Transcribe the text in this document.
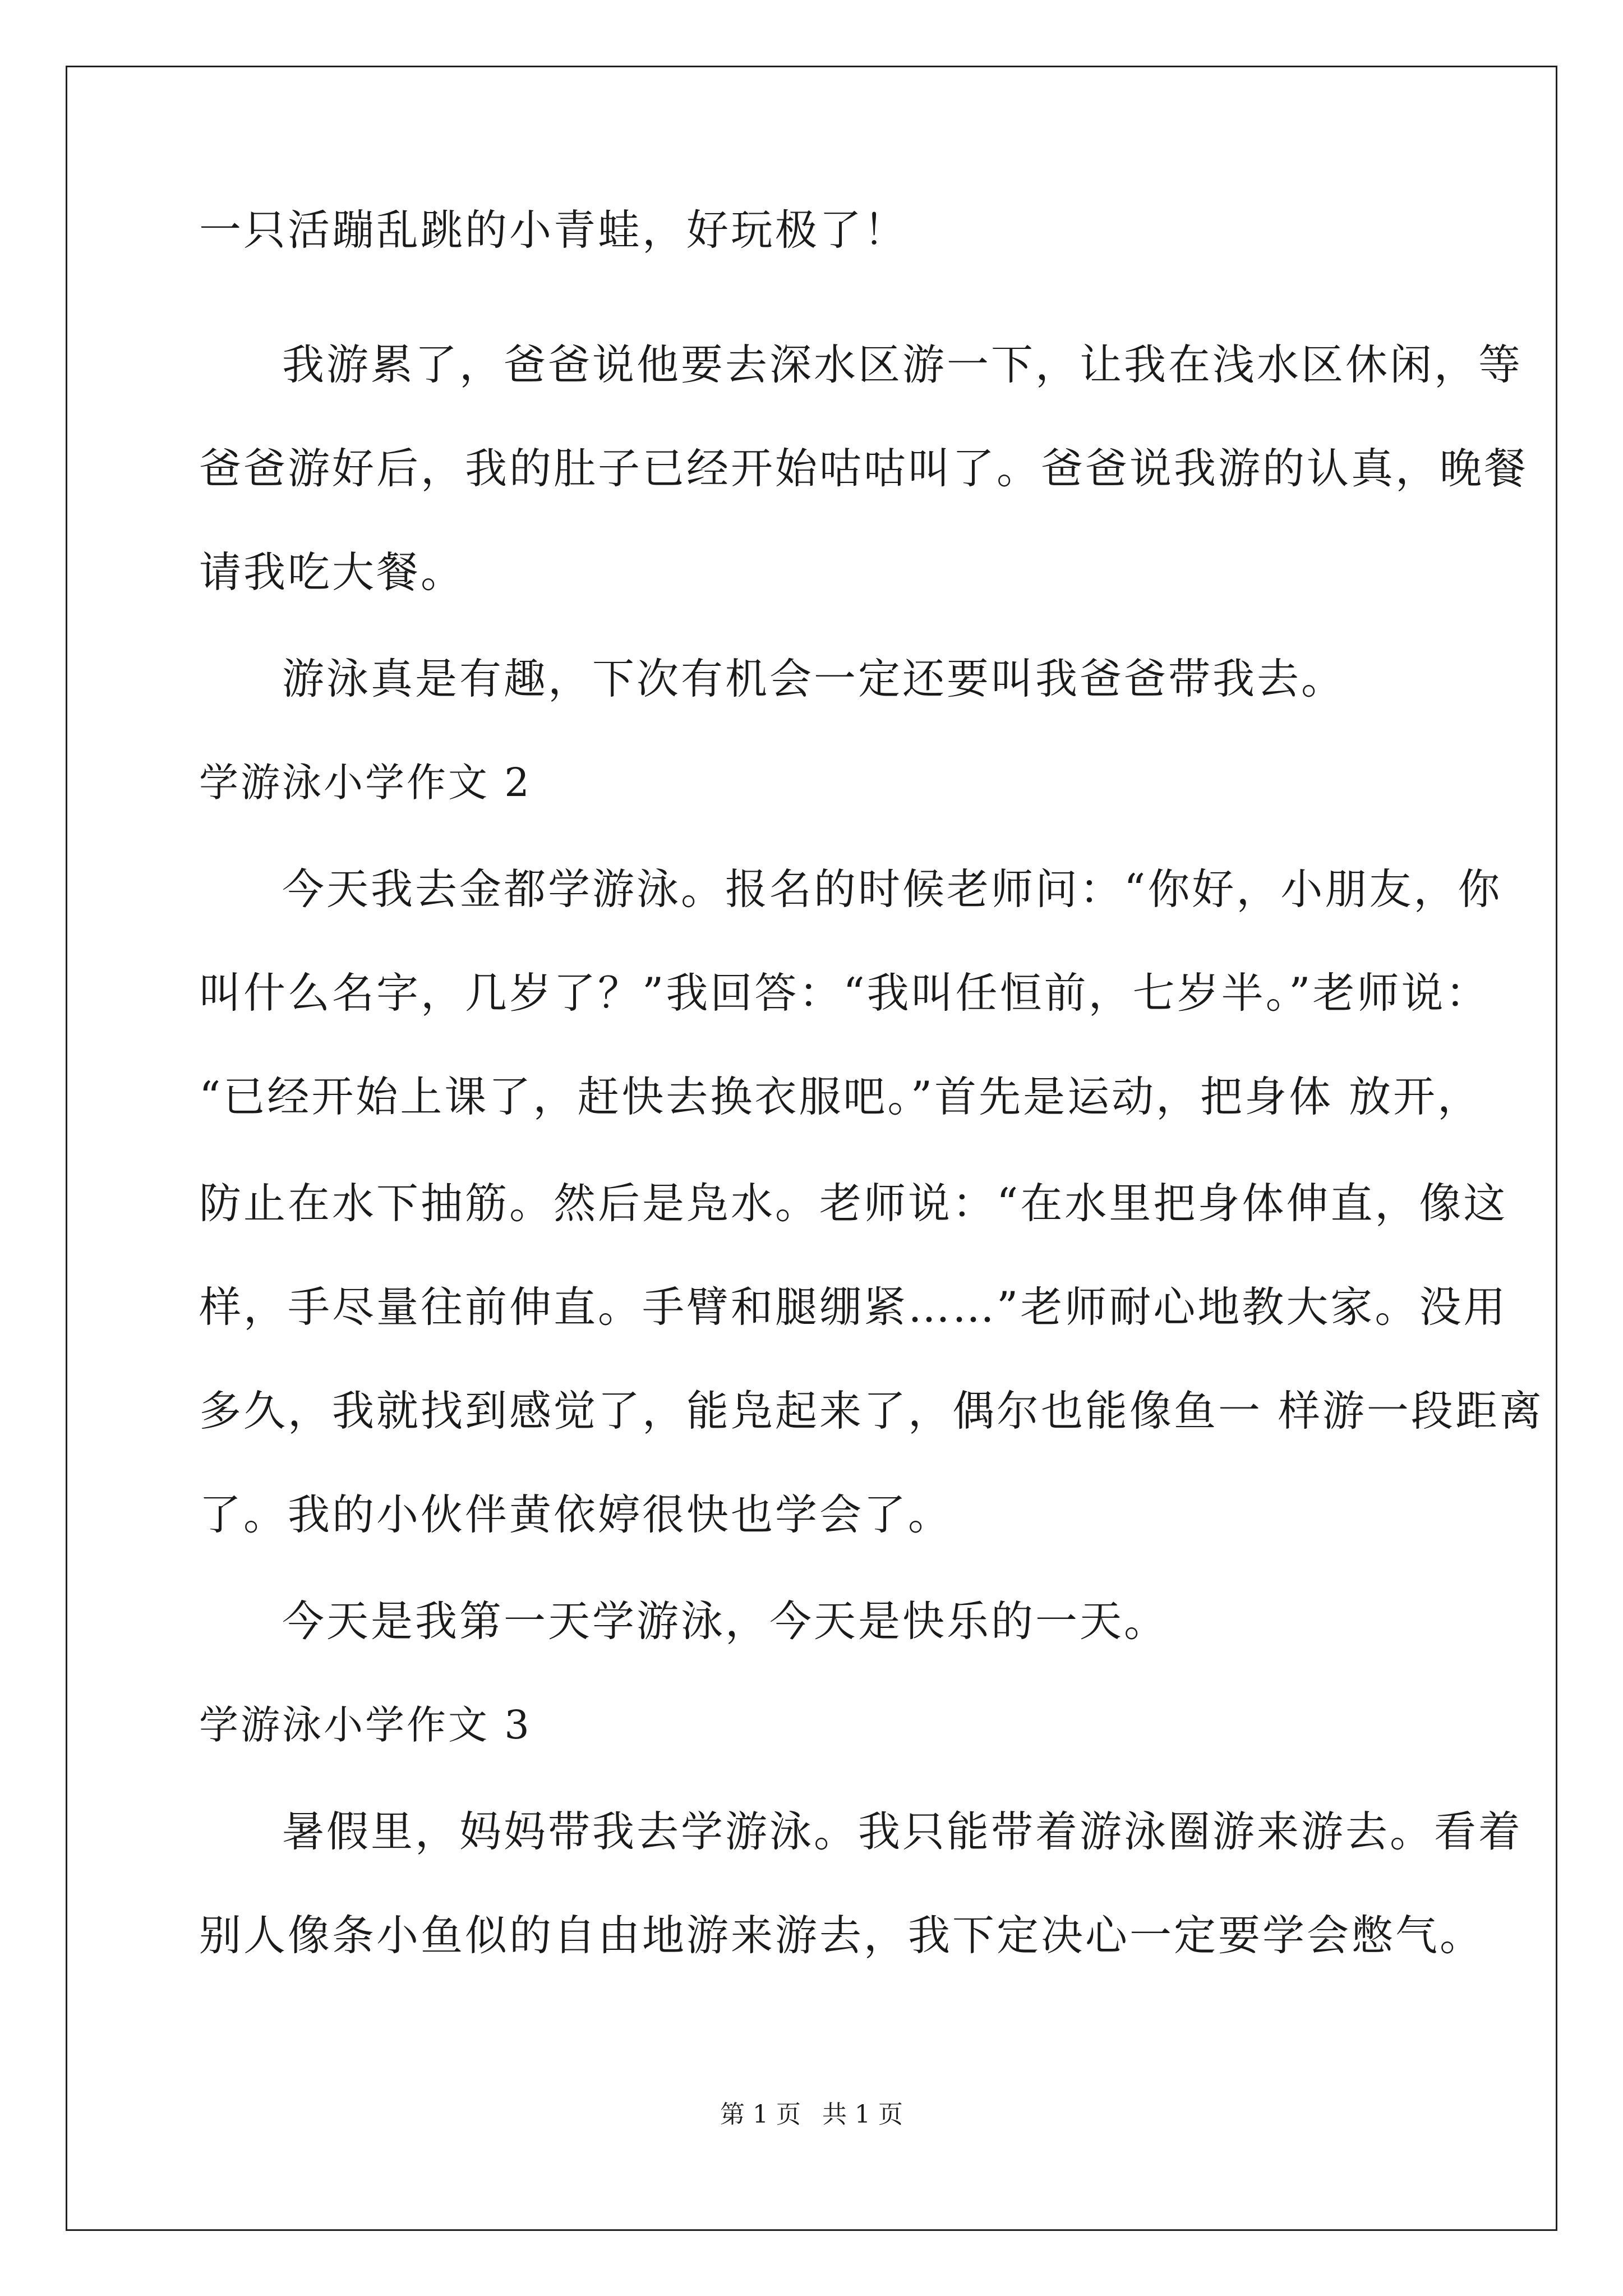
一只活蹦乱跳的小青蛙，好玩极了！
我游累了，爸爸说他要去深水区游一下，让我在浅水区休闲，等
爸爸游好后，我的肚子已经开始咕咕叫了。爸爸说我游的认真，晚餐
请我吃大餐。
游泳真是有趣，下次有机会一定还要叫我爸爸带我去。
学游泳小学作文 2
今天我去金都学游泳。报名的时候老师问：“你好，小朋友，你
叫什么名字，几岁了？”我回答：“我叫任恒前，七岁半。”老师说：
“已经开始上课了，赶快去换衣服吧。”首先是运动，把身体 放开，
防止在水下抽筋。然后是凫水。老师说：“在水里把身体伸直，像这
样，手尽量往前伸直。手臂和腿绷紧……”老师耐心地教大家。没用
多久，我就找到感觉了，能凫起来了，偶尔也能像鱼一 样游一段距离
了。我的小伙伴黄依婷很快也学会了。
今天是我第一天学游泳，今天是快乐的一天。
学游泳小学作文 3
暑假里，妈妈带我去学游泳。我只能带着游泳圈游来游去。看着
别人像条小鱼似的自由地游来游去，我下定决心一定要学会憋气。
第 1 页 共 1 页
